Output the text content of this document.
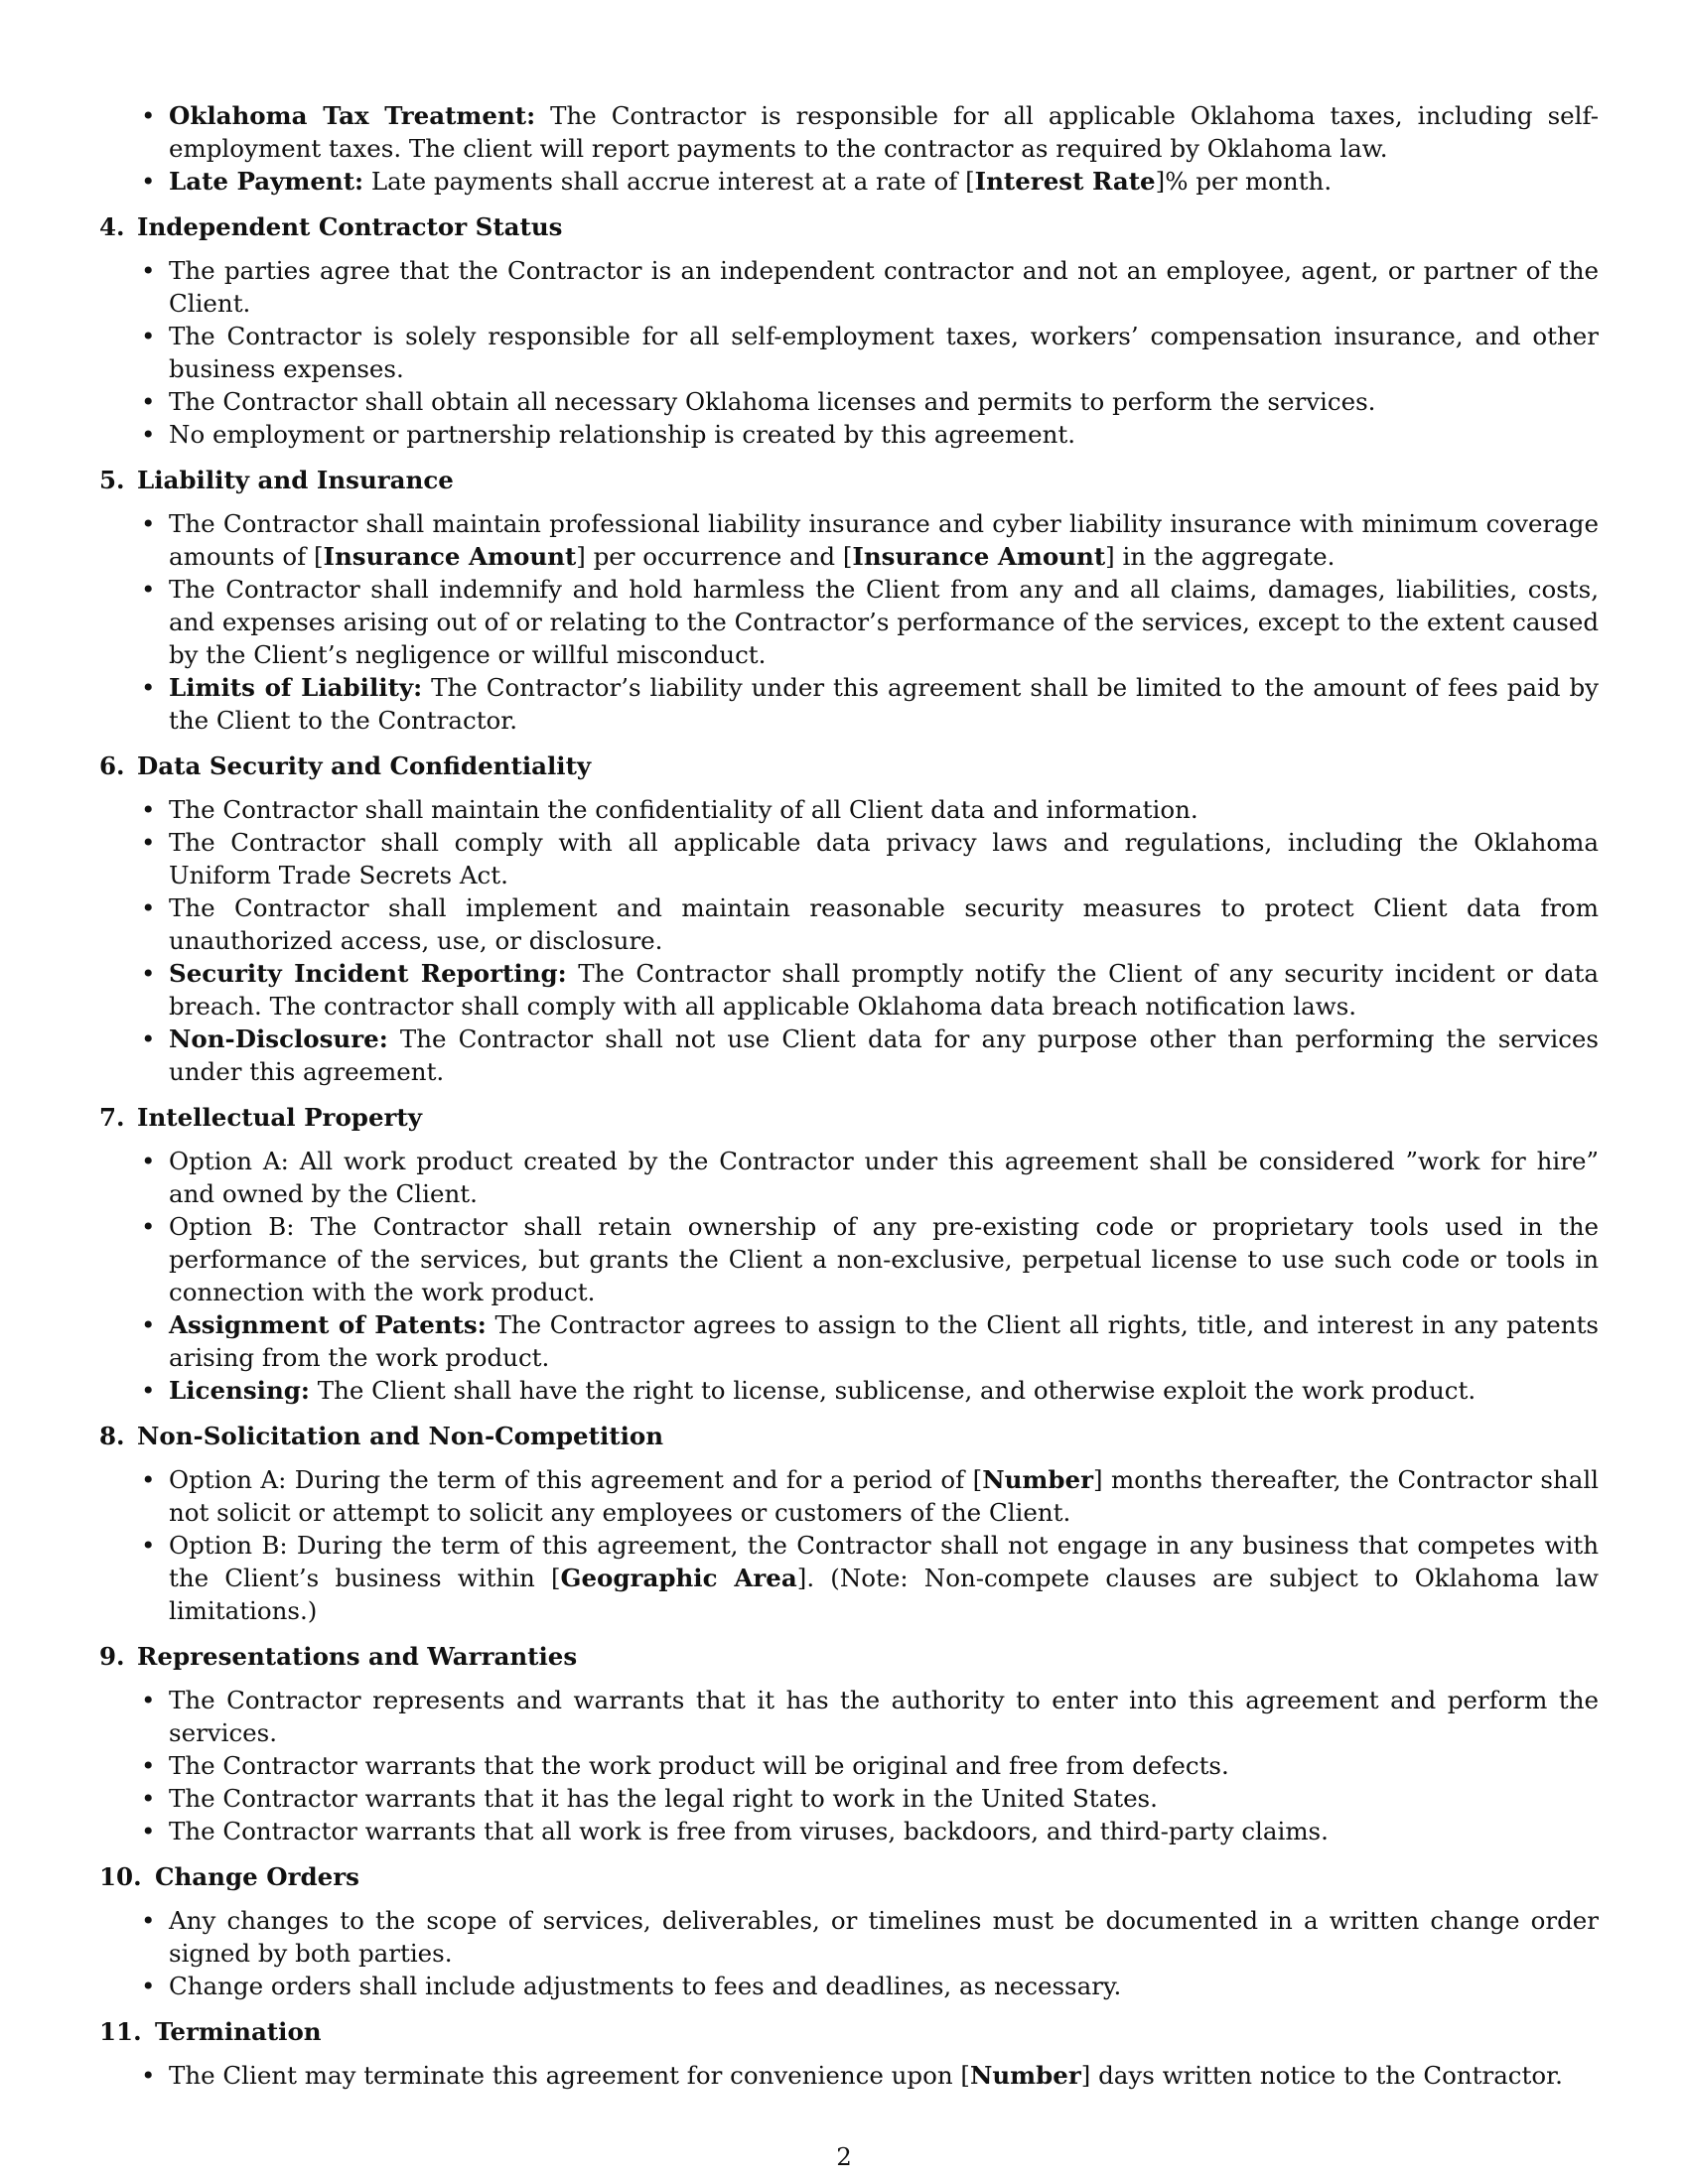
• Oklahoma Tax Treatment: The Contractor is responsible for all applicable Oklahoma taxes, including self-employment taxes. The client will report payments to the contractor as required by Oklahoma law.
• Late Payment: Late payments shall accrue interest at a rate of [Interest Rate]% per month.
4. Independent Contractor Status
• The parties agree that the Contractor is an independent contractor and not an employee, agent, or partner of the Client.
• The Contractor is solely responsible for all self-employment taxes, workers’ compensation insurance, and other business expenses.
• The Contractor shall obtain all necessary Oklahoma licenses and permits to perform the services.
• No employment or partnership relationship is created by this agreement.
5. Liability and Insurance
• The Contractor shall maintain professional liability insurance and cyber liability insurance with minimum coverage amounts of [Insurance Amount] per occurrence and [Insurance Amount] in the aggregate.
• The Contractor shall indemnify and hold harmless the Client from any and all claims, damages, liabilities, costs, and expenses arising out of or relating to the Contractor’s performance of the services, except to the extent caused by the Client’s negligence or willful misconduct.
• Limits of Liability: The Contractor’s liability under this agreement shall be limited to the amount of fees paid by the Client to the Contractor.
6. Data Security and Confidentiality
• The Contractor shall maintain the confidentiality of all Client data and information.
• The Contractor shall comply with all applicable data privacy laws and regulations, including the Oklahoma Uniform Trade Secrets Act.
• The Contractor shall implement and maintain reasonable security measures to protect Client data from unauthorized access, use, or disclosure.
• Security Incident Reporting: The Contractor shall promptly notify the Client of any security incident or data breach. The contractor shall comply with all applicable Oklahoma data breach notification laws.
• Non-Disclosure: The Contractor shall not use Client data for any purpose other than performing the services under this agreement.
7. Intellectual Property
• Option A: All work product created by the Contractor under this agreement shall be considered ”work for hire” and owned by the Client.
• Option B: The Contractor shall retain ownership of any pre-existing code or proprietary tools used in the performance of the services, but grants the Client a non-exclusive, perpetual license to use such code or tools in connection with the work product.
• Assignment of Patents: The Contractor agrees to assign to the Client all rights, title, and interest in any patents arising from the work product.
• Licensing: The Client shall have the right to license, sublicense, and otherwise exploit the work product.
8. Non-Solicitation and Non-Competition
• Option A: During the term of this agreement and for a period of [Number] months thereafter, the Contractor shall not solicit or attempt to solicit any employees or customers of the Client.
• Option B: During the term of this agreement, the Contractor shall not engage in any business that competes with the Client’s business within [Geographic Area]. (Note: Non-compete clauses are subject to Oklahoma law limitations.)
9. Representations and Warranties
• The Contractor represents and warrants that it has the authority to enter into this agreement and perform the services.
• The Contractor warrants that the work product will be original and free from defects.
• The Contractor warrants that it has the legal right to work in the United States.
• The Contractor warrants that all work is free from viruses, backdoors, and third-party claims.
10. Change Orders
• Any changes to the scope of services, deliverables, or timelines must be documented in a written change order signed by both parties.
• Change orders shall include adjustments to fees and deadlines, as necessary.
11. Termination
• The Client may terminate this agreement for convenience upon [Number] days written notice to the Contractor.
2
